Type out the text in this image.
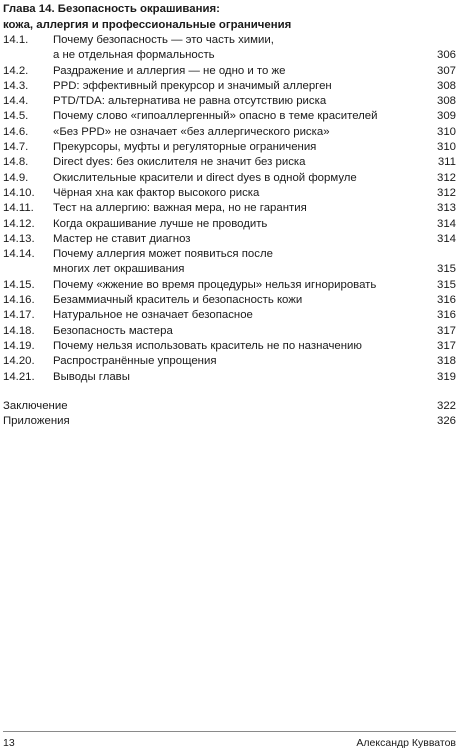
Глава 14. Безопасность окрашивания:
кожа, аллергия и профессиональные ограничения
14.1.	Почему безопасность — это часть химии,
а не отдельная формальность	306
14.2.	Раздражение и аллергия — не одно и то же	307
14.3.	PPD: эффективный прекурсор и значимый аллерген	308
14.4.	PTD/TDA: альтернатива не равна отсутствию риска	308
14.5.	Почему слово «гипоаллергенный» опасно в теме красителей	309
14.6.	«Без PPD» не означает «без аллергического риска»	310
14.7.	Прекурсоры, муфты и регуляторные ограничения	310
14.8.	Direct dyes: без окислителя не значит без риска	311
14.9.	Окислительные красители и direct dyes в одной формуле	312
14.10.	Чёрная хна как фактор высокого риска	312
14.11.	Тест на аллергию: важная мера, но не гарантия	313
14.12.	Когда окрашивание лучше не проводить	314
14.13.	Мастер не ставит диагноз	314
14.14.	Почему аллергия может появиться после
многих лет окрашивания	315
14.15.	Почему «жжение во время процедуры» нельзя игнорировать	315
14.16.	Безаммиачный краситель и безопасность кожи	316
14.17.	Натуральное не означает безопасное	316
14.18.	Безопасность мастера	317
14.19.	Почему нельзя использовать краситель не по назначению	317
14.20.	Распространённые упрощения	318
14.21.	Выводы главы	319
Заключение	322
Приложения	326
13	Александр Кувватов
